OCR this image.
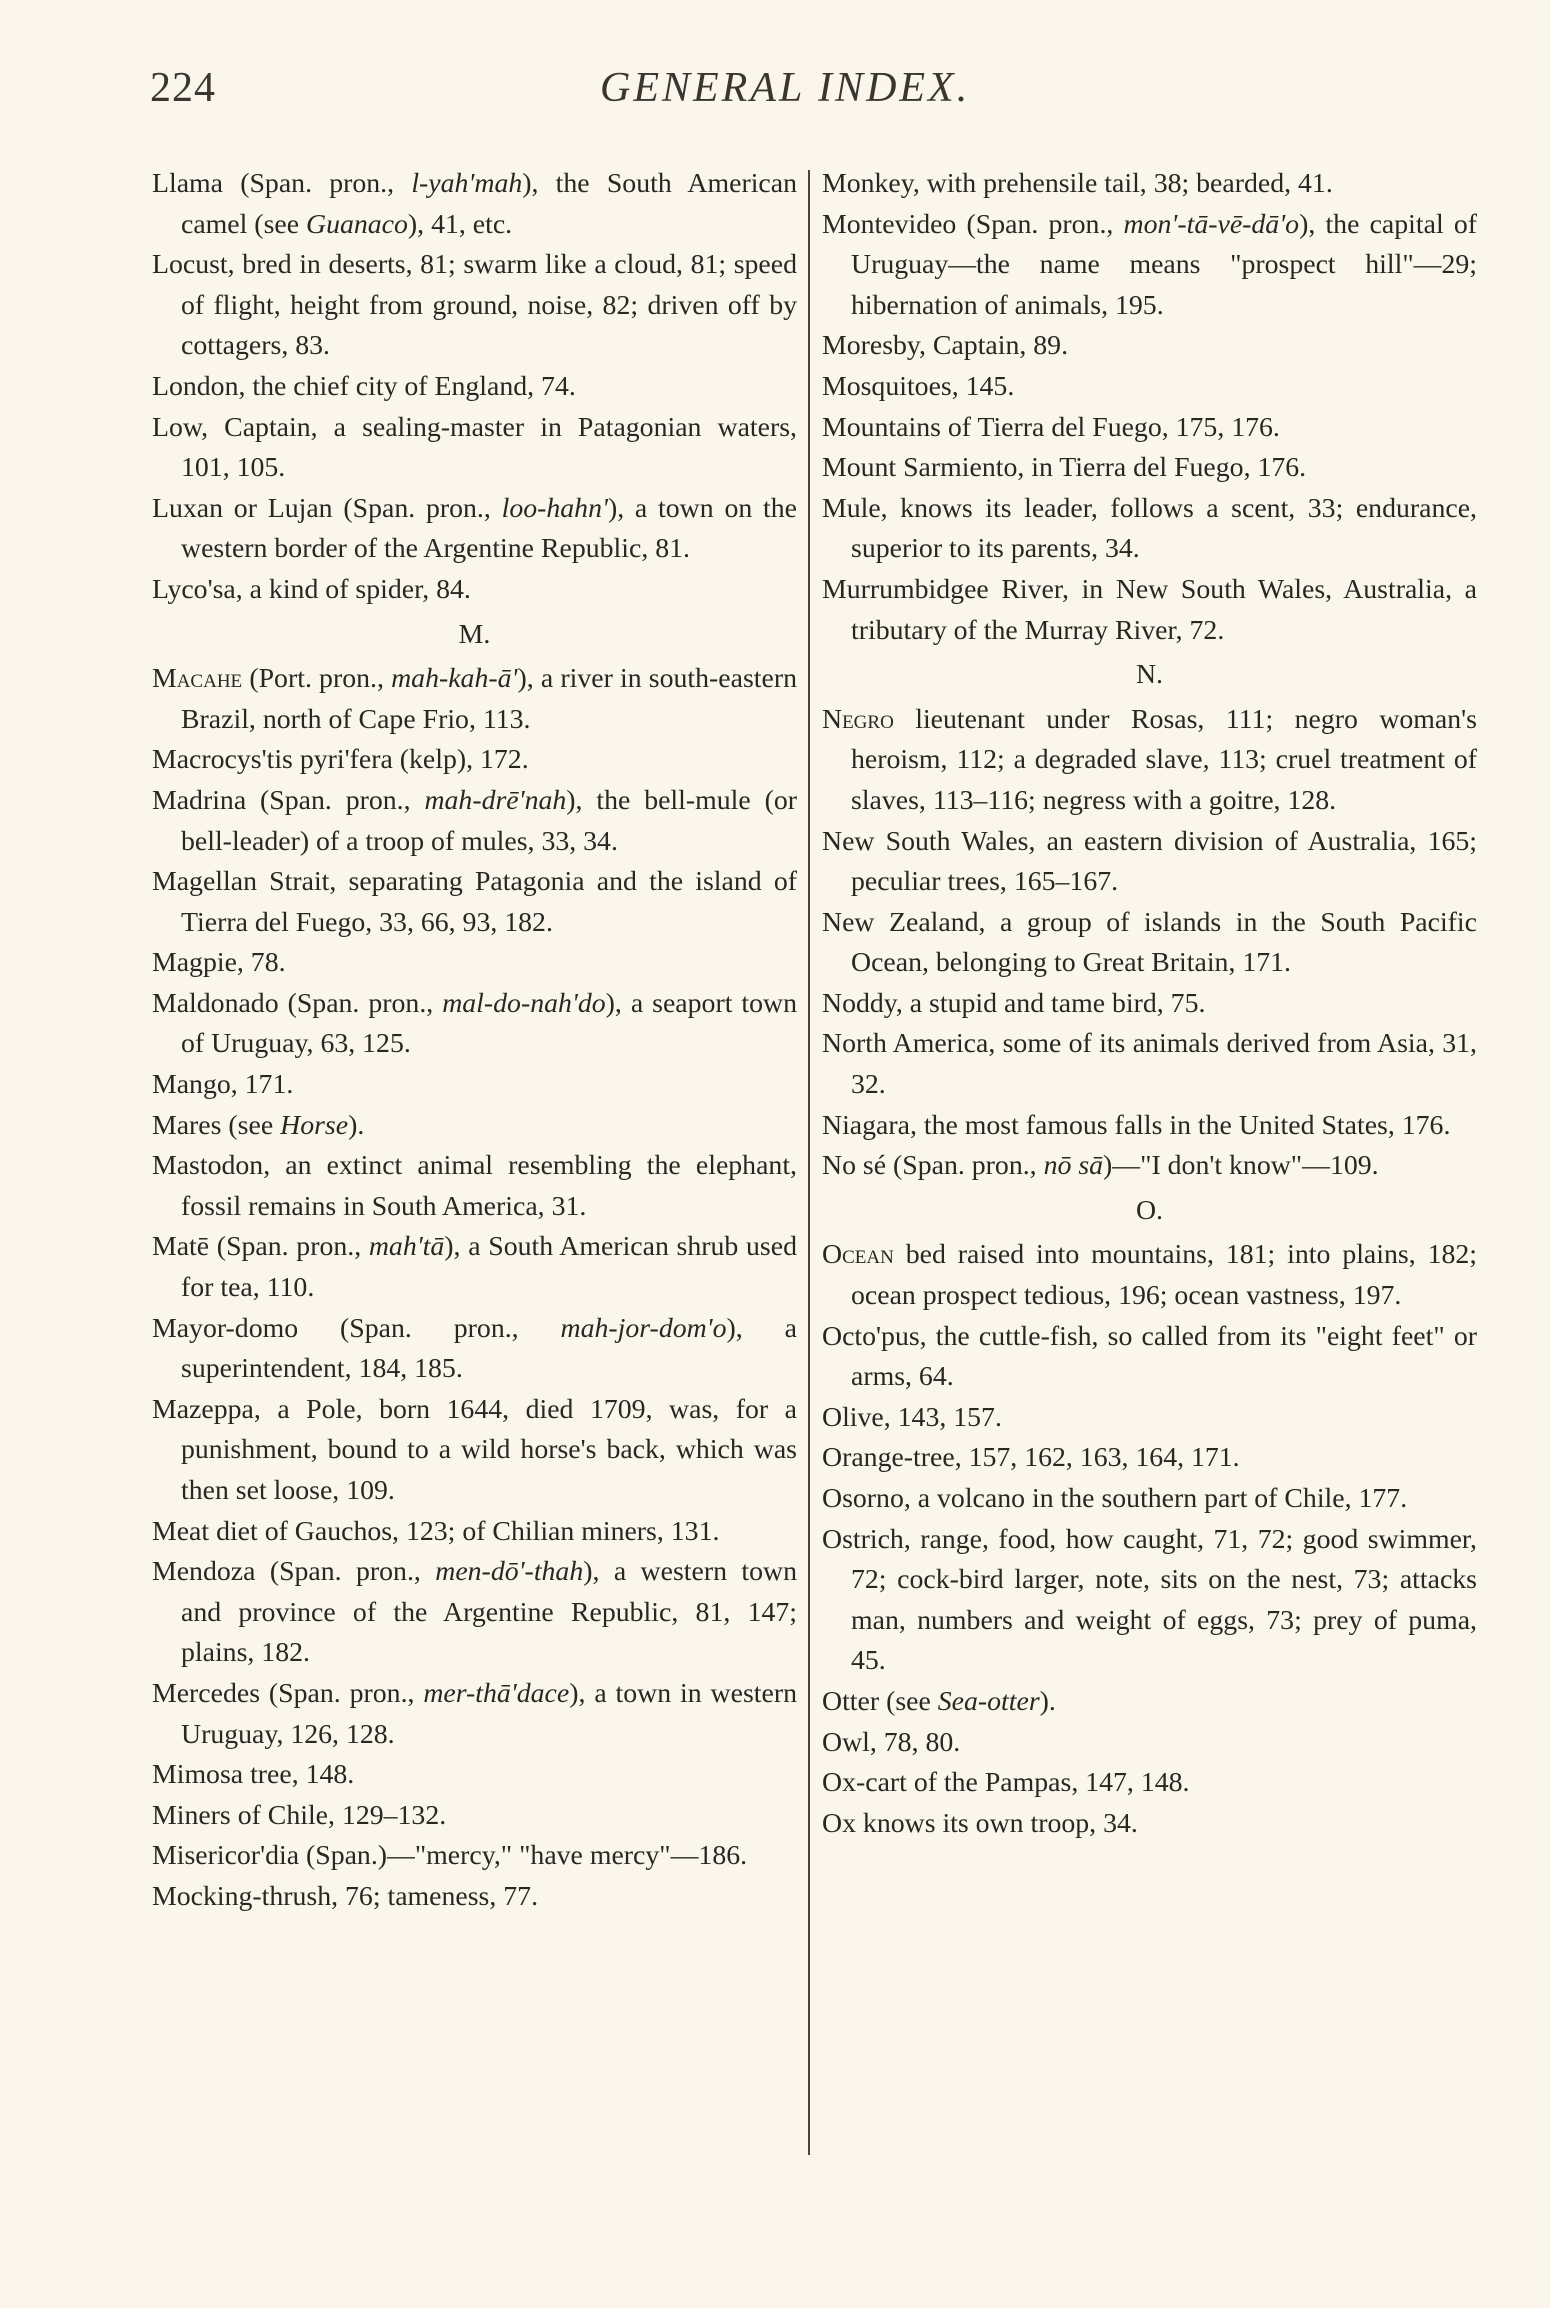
224	GENERAL INDEX.
Llama (Span. pron., l-yah'mah), the South American camel (see Guanaco), 41, etc.
Locust, bred in deserts, 81; swarm like a cloud, 81; speed of flight, height from ground, noise, 82; driven off by cottagers, 83.
London, the chief city of England, 74.
Low, Captain, a sealing-master in Patagonian waters, 101, 105.
Luxan or Lujan (Span. pron., loo-hahn'), a town on the western border of the Argentine Republic, 81.
Lyco'sa, a kind of spider, 84.
M.
Macahe (Port. pron., mah-kah-ā'), a river in south-eastern Brazil, north of Cape Frio, 113.
Macrocys'tis pyri'fera (kelp), 172.
Madrina (Span. pron., mah-drē'nah), the bell-mule (or bell-leader) of a troop of mules, 33, 34.
Magellan Strait, separating Patagonia and the island of Tierra del Fuego, 33, 66, 93, 182.
Magpie, 78.
Maldonado (Span. pron., mal-do-nah'do), a seaport town of Uruguay, 63, 125.
Mango, 171.
Mares (see Horse).
Mastodon, an extinct animal resembling the elephant, fossil remains in South America, 31.
Matē (Span. pron., mah'tā), a South American shrub used for tea, 110.
Mayor-domo (Span. pron., mah-jor-dom'o), a superintendent, 184, 185.
Mazeppa, a Pole, born 1644, died 1709, was, for a punishment, bound to a wild horse's back, which was then set loose, 109.
Meat diet of Gauchos, 123; of Chilian miners, 131.
Mendoza (Span. pron., men-dō'-thah), a western town and province of the Argentine Republic, 81, 147; plains, 182.
Mercedes (Span. pron., mer-thā'dace), a town in western Uruguay, 126, 128.
Mimosa tree, 148.
Miners of Chile, 129–132.
Misericor'dia (Span.)—"mercy," "have mercy"—186.
Mocking-thrush, 76; tameness, 77.
Monkey, with prehensile tail, 38; bearded, 41.
Montevideo (Span. pron., mon'-tā-vē-dā'o), the capital of Uruguay—the name means "prospect hill"—29; hibernation of animals, 195.
Moresby, Captain, 89.
Mosquitoes, 145.
Mountains of Tierra del Fuego, 175, 176.
Mount Sarmiento, in Tierra del Fuego, 176.
Mule, knows its leader, follows a scent, 33; endurance, superior to its parents, 34.
Murrumbidgee River, in New South Wales, Australia, a tributary of the Murray River, 72.
N.
Negro lieutenant under Rosas, 111; negro woman's heroism, 112; a degraded slave, 113; cruel treatment of slaves, 113–116; negress with a goitre, 128.
New South Wales, an eastern division of Australia, 165; peculiar trees, 165–167.
New Zealand, a group of islands in the South Pacific Ocean, belonging to Great Britain, 171.
Noddy, a stupid and tame bird, 75.
North America, some of its animals derived from Asia, 31, 32.
Niagara, the most famous falls in the United States, 176.
No sé (Span. pron., nō sā)—"I don't know"—109.
O.
Ocean bed raised into mountains, 181; into plains, 182; ocean prospect tedious, 196; ocean vastness, 197.
Octo'pus, the cuttle-fish, so called from its "eight feet" or arms, 64.
Olive, 143, 157.
Orange-tree, 157, 162, 163, 164, 171.
Osorno, a volcano in the southern part of Chile, 177.
Ostrich, range, food, how caught, 71, 72; good swimmer, 72; cock-bird larger, note, sits on the nest, 73; attacks man, numbers and weight of eggs, 73; prey of puma, 45.
Otter (see Sea-otter).
Owl, 78, 80.
Ox-cart of the Pampas, 147, 148.
Ox knows its own troop, 34.
